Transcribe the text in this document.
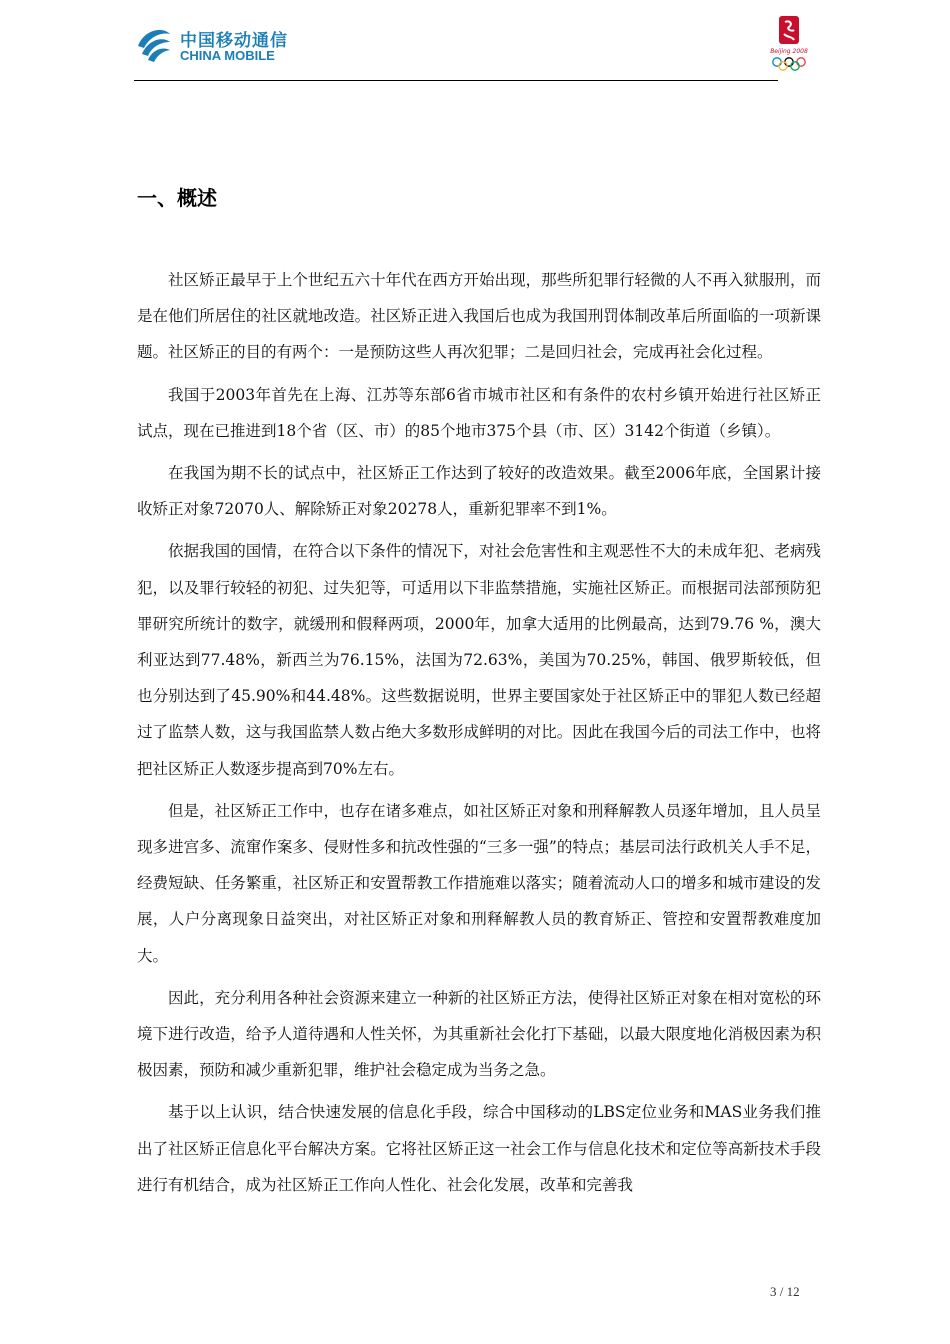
中国移动通信
CHINA MOBILE	Beijing 2008
一、概述

社区矫正最早于上个世纪五六十年代在西方开始出现，那些所犯罪行轻微的人不再入狱服刑，而是在他们所居住的社区就地改造。社区矫正进入我国后也成为我国刑罚体制改革后所面临的一项新课题。社区矫正的目的有两个：一是预防这些人再次犯罪；二是回归社会，完成再社会化过程。

我国于2003年首先在上海、江苏等东部6省市城市社区和有条件的农村乡镇开始进行社区矫正试点，现在已推进到18个省（区、市）的85个地市375个县（市、区）3142个街道（乡镇）。

在我国为期不长的试点中，社区矫正工作达到了较好的改造效果。截至2006年底，全国累计接收矫正对象72070人、解除矫正对象20278人，重新犯罪率不到1%。

依据我国的国情，在符合以下条件的情况下，对社会危害性和主观恶性不大的未成年犯、老病残犯，以及罪行较轻的初犯、过失犯等，可适用以下非监禁措施，实施社区矫正。而根据司法部预防犯罪研究所统计的数字，就缓刑和假释两项，2000年，加拿大适用的比例最高，达到79.76 %，澳大利亚达到77.48%，新西兰为76.15%，法国为72.63%，美国为70.25%，韩国、俄罗斯较低，但也分别达到了45.90%和44.48%。这些数据说明，世界主要国家处于社区矫正中的罪犯人数已经超过了监禁人数，这与我国监禁人数占绝大多数形成鲜明的对比。因此在我国今后的司法工作中，也将把社区矫正人数逐步提高到70%左右。

但是，社区矫正工作中，也存在诸多难点，如社区矫正对象和刑释解教人员逐年增加，且人员呈现多进宫多、流窜作案多、侵财性多和抗改性强的“三多一强”的特点；基层司法行政机关人手不足，经费短缺、任务繁重，社区矫正和安置帮教工作措施难以落实；随着流动人口的增多和城市建设的发展，人户分离现象日益突出，对社区矫正对象和刑释解教人员的教育矫正、管控和安置帮教难度加大。

因此，充分利用各种社会资源来建立一种新的社区矫正方法，使得社区矫正对象在相对宽松的环境下进行改造，给予人道待遇和人性关怀，为其重新社会化打下基础，以最大限度地化消极因素为积极因素，预防和减少重新犯罪，维护社会稳定成为当务之急。

基于以上认识，结合快速发展的信息化手段，综合中国移动的LBS定位业务和MAS业务我们推出了社区矫正信息化平台解决方案。它将社区矫正这一社会工作与信息化技术和定位等高新技术手段进行有机结合，成为社区矫正工作向人性化、社会化发展，改革和完善我

3 / 12
